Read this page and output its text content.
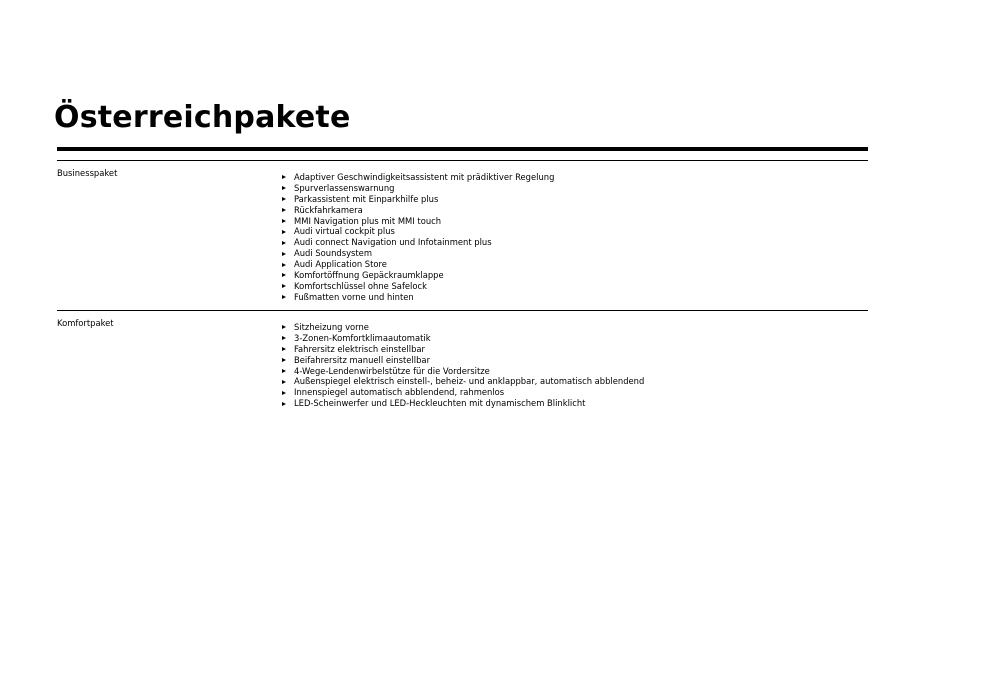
Österreichpakete
Businesspaket	Adaptiver Geschwindigkeitsassistent mit prädiktiver Regelung
Spurverlassenswarnung
Parkassistent mit Einparkhilfe plus
Rückfahrkamera
MMI Navigation plus mit MMI touch
Audi virtual cockpit plus
Audi connect Navigation und Infotainment plus
Audi Soundsystem
Audi Application Store
Komfortöffnung Gepäckraumklappe
Komfortschlüssel ohne Safelock
Fußmatten vorne und hinten
Komfortpaket	Sitzheizung vorne
3-Zonen-Komfortklimaautomatik
Fahrersitz elektrisch einstellbar
Beifahrersitz manuell einstellbar
4-Wege-Lendenwirbelstütze für die Vordersitze
Außenspiegel elektrisch einstell-, beheiz- und anklappbar, automatisch abblendend
Innenspiegel automatisch abblendend, rahmenlos
LED-Scheinwerfer und LED-Heckleuchten mit dynamischem Blinklicht
